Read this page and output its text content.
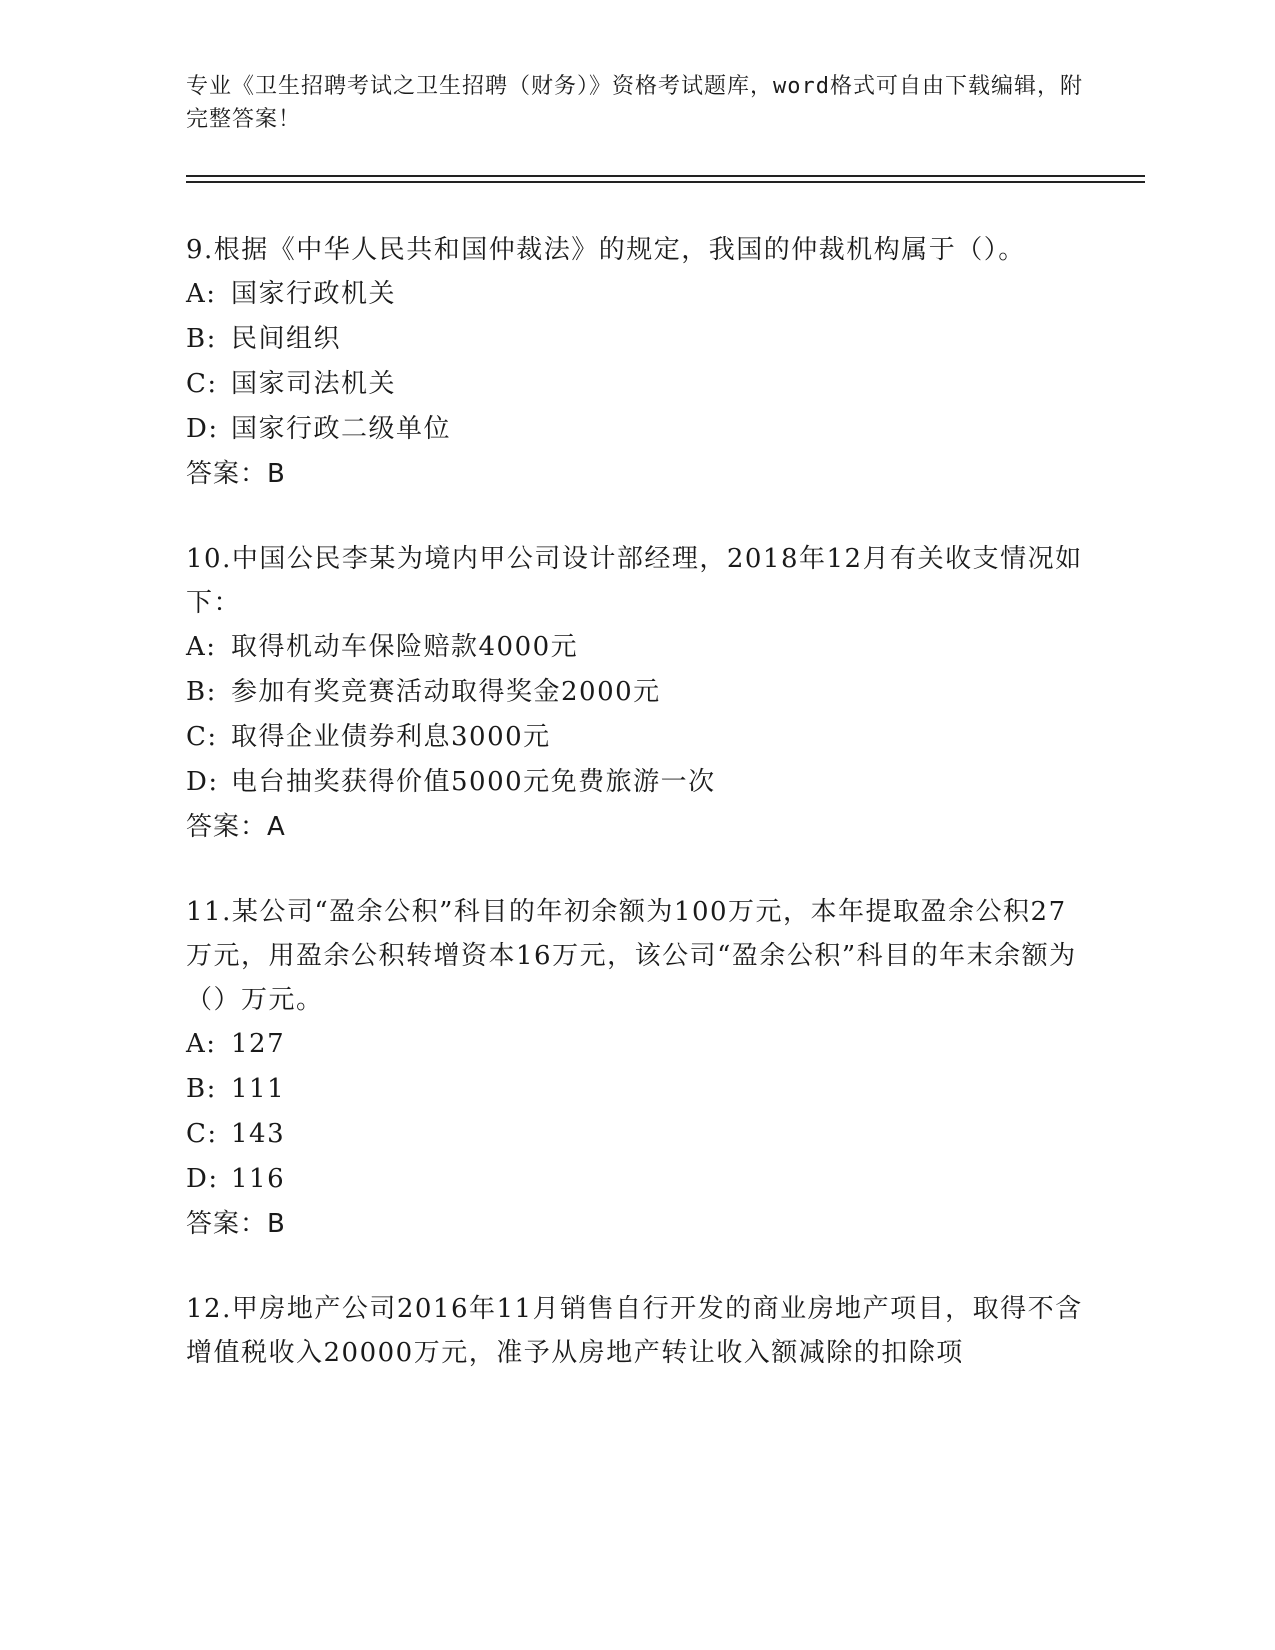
专业《卫生招聘考试之卫生招聘（财务）》资格考试题库，word格式可自由下载编辑，附完整答案！

9.根据《中华人民共和国仲裁法》的规定，我国的仲裁机构属于（）。

A: 国家行政机关
B: 民间组织
C: 国家司法机关
D: 国家行政二级单位

答案：B

10.中国公民李某为境内甲公司设计部经理，2018年12月有关收支情况如下：

A: 取得机动车保险赔款4000元
B: 参加有奖竞赛活动取得奖金2000元
C: 取得企业债券利息3000元
D: 电台抽奖获得价值5000元免费旅游一次

答案：A

11.某公司“盈余公积”科目的年初余额为100万元，本年提取盈余公积27万元，用盈余公积转增资本16万元，该公司“盈余公积”科目的年末余额为（）万元。

A: 127
B: 111
C: 143
D: 116

答案：B

12.甲房地产公司2016年11月销售自行开发的商业房地产项目，取得不含增值税收入20000万元，准予从房地产转让收入额减除的扣除项
